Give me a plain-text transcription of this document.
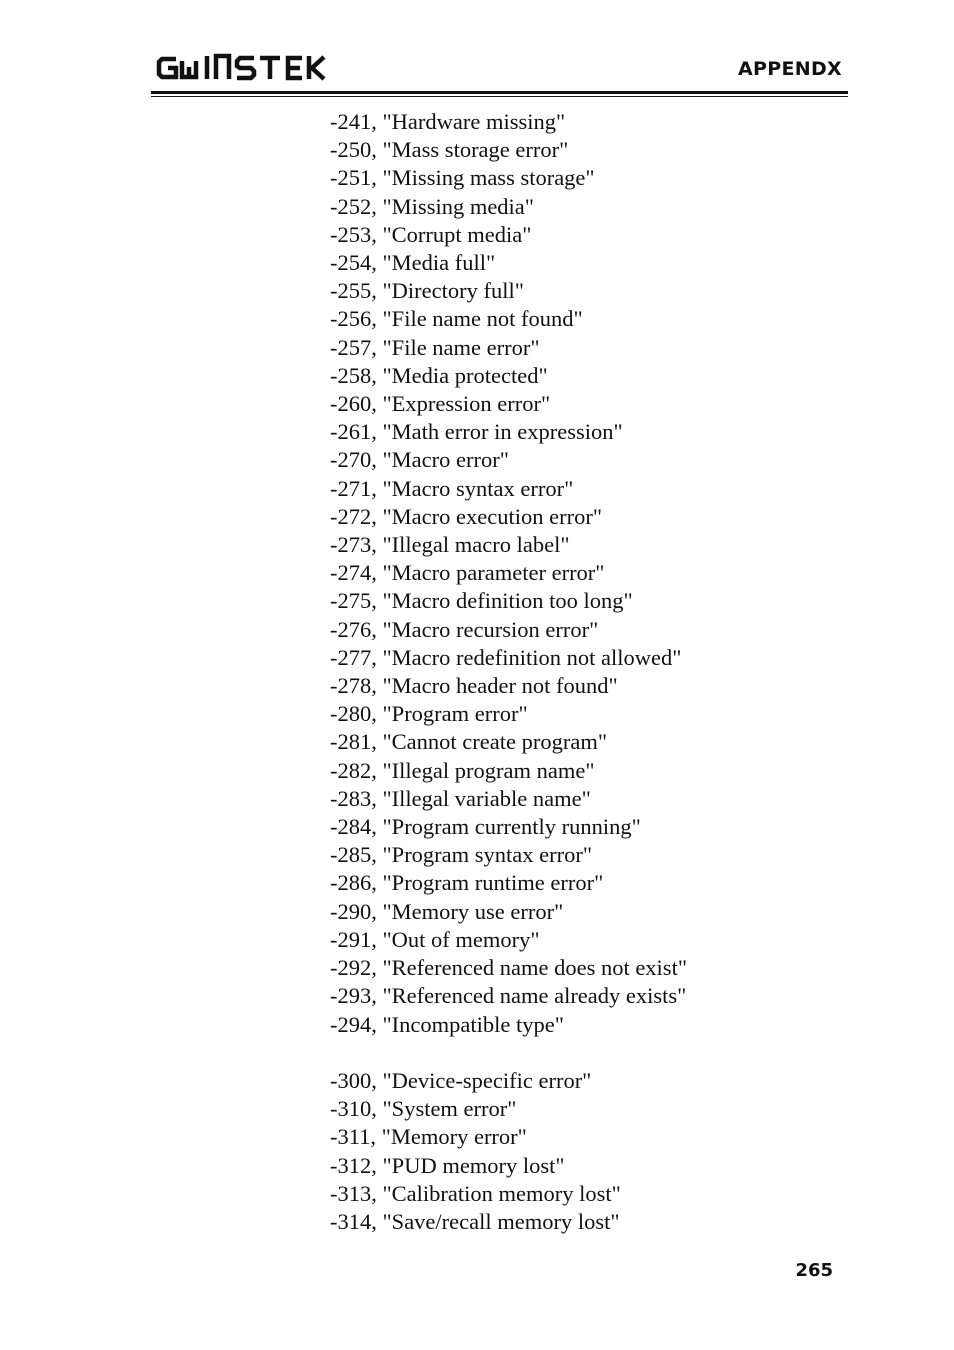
APPENDX
-241, "Hardware missing"
-250, "Mass storage error"
-251, "Missing mass storage"
-252, "Missing media"
-253, "Corrupt media"
-254, "Media full"
-255, "Directory full"
-256, "File name not found"
-257, "File name error"
-258, "Media protected"
-260, "Expression error"
-261, "Math error in expression"
-270, "Macro error"
-271, "Macro syntax error"
-272, "Macro execution error"
-273, "Illegal macro label"
-274, "Macro parameter error"
-275, "Macro definition too long"
-276, "Macro recursion error"
-277, "Macro redefinition not allowed"
-278, "Macro header not found"
-280, "Program error"
-281, "Cannot create program"
-282, "Illegal program name"
-283, "Illegal variable name"
-284, "Program currently running"
-285, "Program syntax error"
-286, "Program runtime error"
-290, "Memory use error"
-291, "Out of memory"
-292, "Referenced name does not exist"
-293, "Referenced name already exists"
-294, "Incompatible type"
-300, "Device-specific error"
-310, "System error"
-311, "Memory error"
-312, "PUD memory lost"
-313, "Calibration memory lost"
-314, "Save/recall memory lost"
265
